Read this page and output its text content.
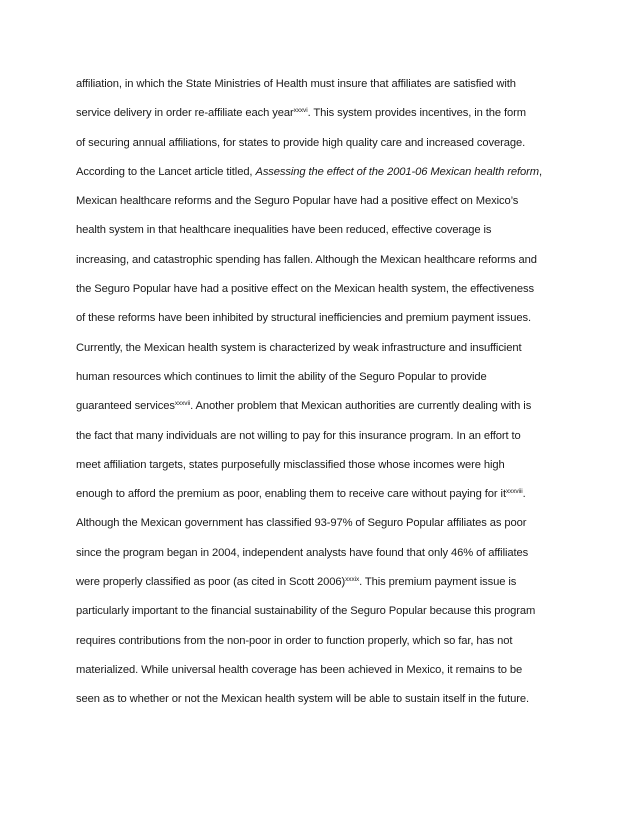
affiliation, in which the State Ministries of Health must insure that affiliates are satisfied with
service delivery in order re-affiliate each year$^{xxxvi}$. This system provides incentives, in the form
of securing annual affiliations, for states to provide high quality care and increased coverage.
According to the Lancet article titled, Assessing the effect of the 2001-06 Mexican health reform,
Mexican healthcare reforms and the Seguro Popular have had a positive effect on Mexico’s
health system in that healthcare inequalities have been reduced, effective coverage is
increasing, and catastrophic spending has fallen. Although the Mexican healthcare reforms and
the Seguro Popular have had a positive effect on the Mexican health system, the effectiveness
of these reforms have been inhibited by structural inefficiencies and premium payment issues.
Currently, the Mexican health system is characterized by weak infrastructure and insufficient
human resources which continues to limit the ability of the Seguro Popular to provide
guaranteed services$^{xxxvii}$. Another problem that Mexican authorities are currently dealing with is
the fact that many individuals are not willing to pay for this insurance program. In an effort to
meet affiliation targets, states purposefully misclassified those whose incomes were high
enough to afford the premium as poor, enabling them to receive care without paying for $it^{xxxviii}$.
Although the Mexican government has classified 93-97% of Seguro Popular affiliates as poor
since the program began in 2004, independent analysts have found that only 46% of affiliates
were properly classified as poor (as cited in Scott 2006)$^{xxxix}$. This premium payment issue is
particularly important to the financial sustainability of the Seguro Popular because this program
requires contributions from the non-poor in order to function properly, which so far, has not
materialized. While universal health coverage has been achieved in Mexico, it remains to be
seen as to whether or not the Mexican health system will be able to sustain itself in the future.
